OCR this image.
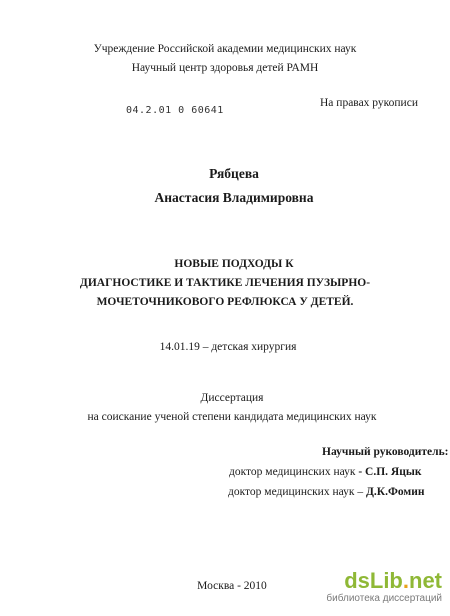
Учреждение Российской академии медицинских наук
Научный центр здоровья детей РАМН
04.2.01 0 60641
На правах рукописи
Рябцева
Анастасия Владимировна
НОВЫЕ ПОДХОДЫ К
ДИАГНОСТИКЕ И ТАКТИКЕ ЛЕЧЕНИЯ ПУЗЫРНО-
МОЧЕТОЧНИКОВОГО РЕФЛЮКСА У ДЕТЕЙ.
14.01.19 – детская хирургия
Диссертация
на соискание ученой степени кандидата медицинских наук
Научный руководитель:
доктор медицинских наук - С.П. Яцык
доктор медицинских наук – Д.К.Фомин
Москва - 2010	dsLib.net
библиотека диссертаций
